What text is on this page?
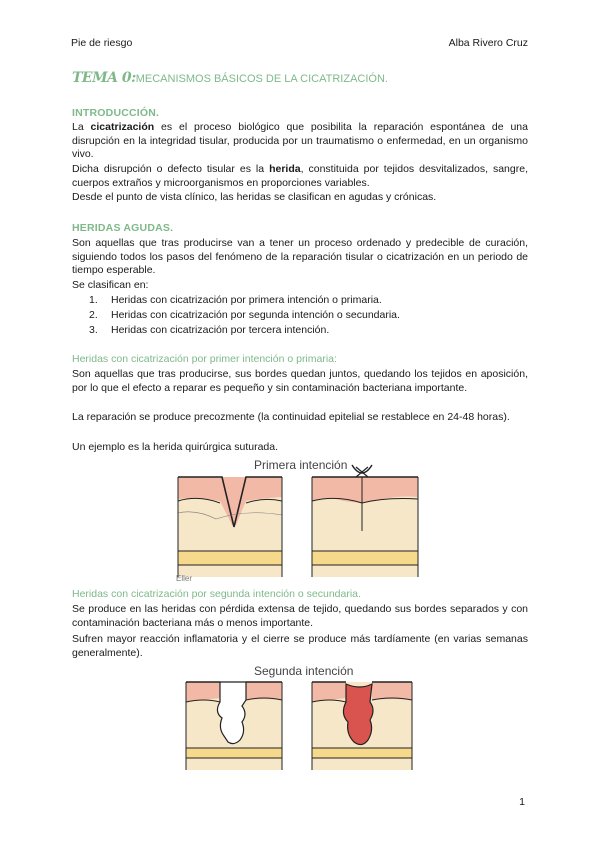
Pie de riesgo	Alba Rivero Cruz
TEMA 0:MECANISMOS BÁSICOS DE LA CICATRIZACIÓN.
INTRODUCCIÓN.
La cicatrización es el proceso biológico que posibilita la reparación espontánea de una disrupción en la integridad tisular, producida por un traumatismo o enfermedad, en un organismo vivo.
Dicha disrupción o defecto tisular es la herida, constituida por tejidos desvitalizados, sangre, cuerpos extraños y microorganismos en proporciones variables.
Desde el punto de vista clínico, las heridas se clasifican en agudas y crónicas.
HERIDAS AGUDAS.
Son aquellas que tras producirse van a tener un proceso ordenado y predecible de curación, siguiendo todos los pasos del fenómeno de la reparación tisular o cicatrización en un periodo de tiempo esperable.
Se clasifican en:
1. Heridas con cicatrización por primera intención o primaria.
2. Heridas con cicatrización por segunda intención o secundaria.
3. Heridas con cicatrización por tercera intención.
Heridas con cicatrización por primer intención o primaria:
Son aquellas que tras producirse, sus bordes quedan juntos, quedando los tejidos en aposición, por lo que el efecto a reparar es pequeño y sin contaminación bacteriana importante.
La reparación se produce precozmente (la continuidad epitelial se restablece en 24-48 horas).
Un ejemplo es la herida quirúrgica suturada.
Primera intención
Eller
Heridas con cicatrización por segunda intención o secundaria.
Se produce en las heridas con pérdida extensa de tejido, quedando sus bordes separados y con contaminación bacteriana más o menos importante.
Sufren mayor reacción inflamatoria y el cierre se produce más tardíamente (en varias semanas generalmente).
Segunda intención
1
